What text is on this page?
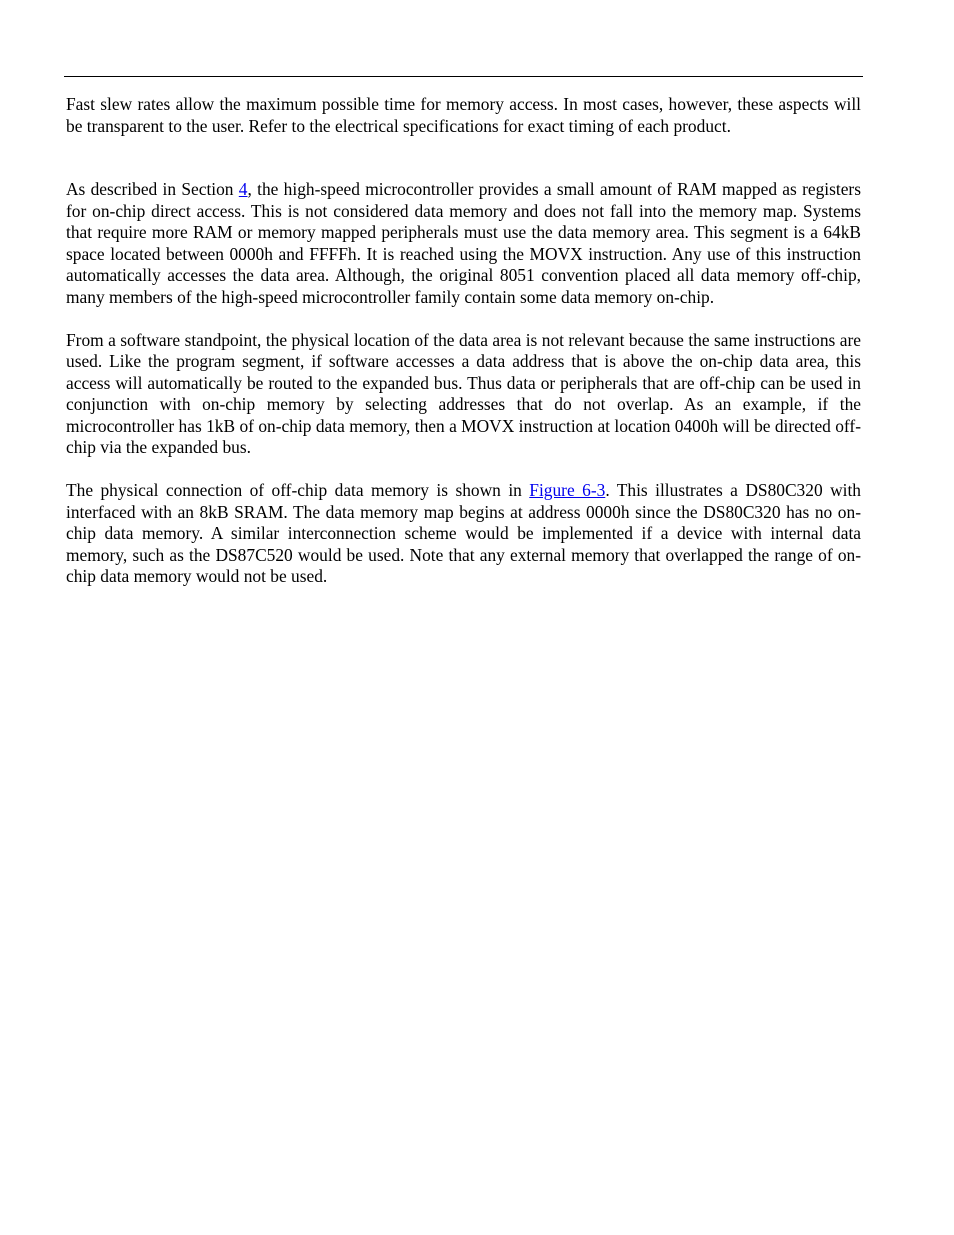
Fast slew rates allow the maximum possible time for memory access. In most cases, however, these aspects will be transparent to the user. Refer to the electrical specifications for exact timing of each product.

As described in Section 4, the high-speed microcontroller provides a small amount of RAM mapped as registers for on-chip direct access. This is not considered data memory and does not fall into the memory map. Systems that require more RAM or memory mapped peripherals must use the data memory area. This segment is a 64kB space located between 0000h and FFFFh. It is reached using the MOVX instruction. Any use of this instruction automatically accesses the data area. Although, the original 8051 convention placed all data memory off-chip, many members of the high-speed microcontroller family contain some data memory on-chip.

From a software standpoint, the physical location of the data area is not relevant because the same instructions are used. Like the program segment, if software accesses a data address that is above the on-chip data area, this access will automatically be routed to the expanded bus. Thus data or peripherals that are off-chip can be used in conjunction with on-chip memory by selecting addresses that do not overlap. As an example, if the microcontroller has 1kB of on-chip data memory, then a MOVX instruction at location 0400h will be directed off-chip via the expanded bus.

The physical connection of off-chip data memory is shown in Figure 6-3. This illustrates a DS80C320 with interfaced with an 8kB SRAM. The data memory map begins at address 0000h since the DS80C320 has no on-chip data memory. A similar interconnection scheme would be implemented if a device with internal data memory, such as the DS87C520 would be used. Note that any external memory that overlapped the range of on-chip data memory would not be used.
